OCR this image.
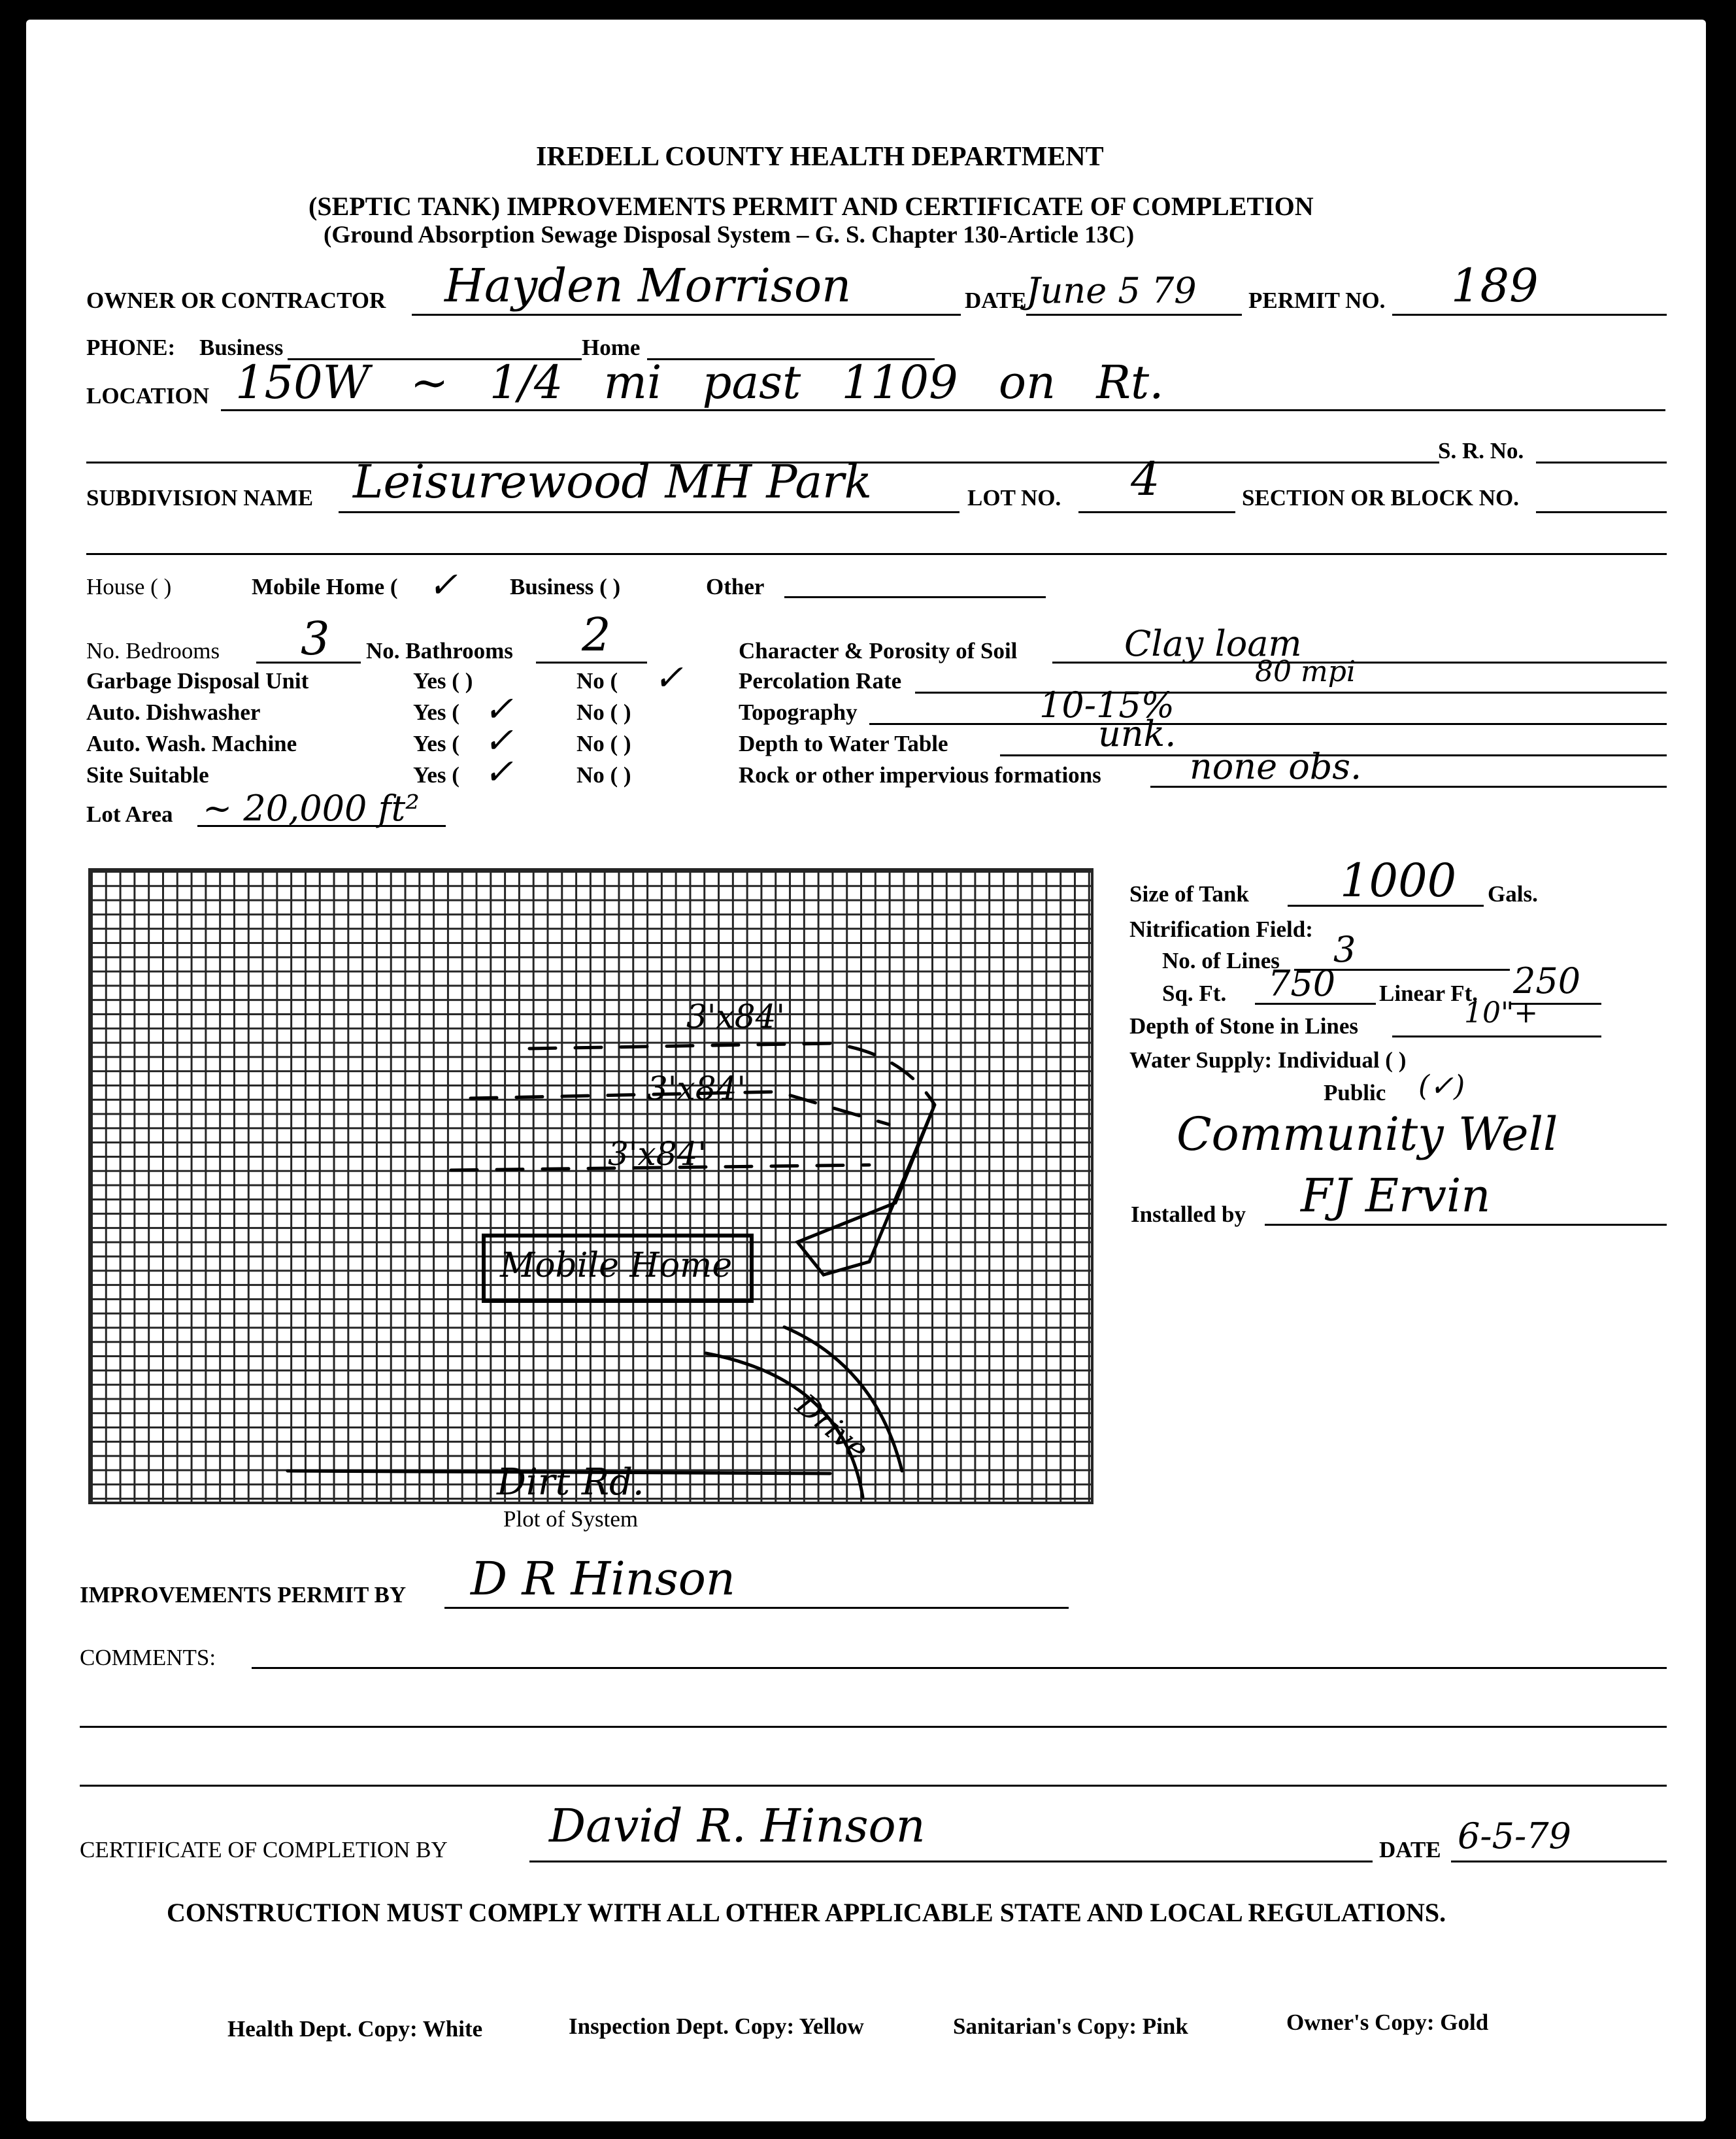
IREDELL COUNTY HEALTH DEPARTMENT
(SEPTIC TANK) IMPROVEMENTS PERMIT AND CERTIFICATE OF COMPLETION
(Ground Absorption Sewage Disposal System – G. S. Chapter 130-Article 13C)
OWNER OR CONTRACTOR Hayden Morrison	DATE June 5 79 PERMIT NO. 189
PHONE: Business	Home
LOCATION 150W ~ 1/4 mi past 1109 on Rt.
S. R. No.
SUBDIVISION NAME Leisurewood MH Park	LOT NO. 4	SECTION OR BLOCK NO.
House ( )	Mobile Home ( ✓ Business ( )	Other
No. Bedrooms 3 No. Bathrooms 2
Garbage Disposal Unit	Yes ( )	No ( ✓
Auto. Dishwasher	Yes ( ✓	No ( )
Auto. Wash. Machine	Yes ( ✓	No ( )
Site Suitable	Yes ( ✓	No ( )
Lot Area ~ 20,000 ft²
Character & Porosity of Soil	Clay loam
Percolation Rate	80 mpi
Topography	10-15%
Depth to Water Table	unk.
Rock or other impervious formations	none obs.
3'x84'
3'x84'
3'x84'
Mobile Home
Drive
Dirt Rd.
Plot of System
Size of Tank 1000 Gals.
Nitrification Field:
No. of Lines 3
Sq. Ft. 750 Linear Ft. 250
Depth of Stone in Lines	10"+
Water Supply: Individual ( )
Public (✓)
Community Well
Installed by FJ Ervin
IMPROVEMENTS PERMIT BY D R Hinson
COMMENTS:
CERTIFICATE OF COMPLETION BY David R. Hinson	DATE 6-5-79
CONSTRUCTION MUST COMPLY WITH ALL OTHER APPLICABLE STATE AND LOCAL REGULATIONS.
Health Dept. Copy: White	Inspection Dept. Copy: Yellow	Sanitarian's Copy: Pink	Owner's Copy: Gold
